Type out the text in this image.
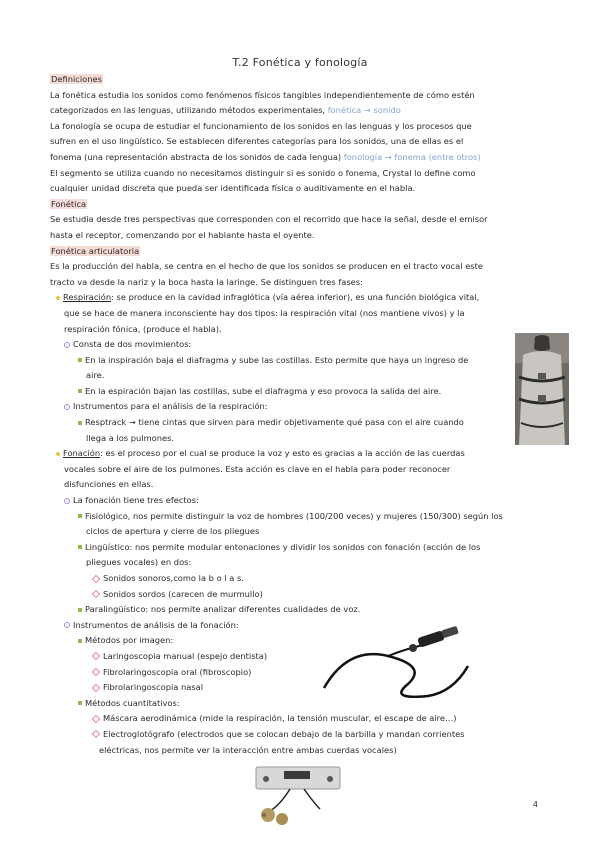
T.2 Fonética y fonología

Definiciones

La fonética estudia los sonidos como fenómenos físicos tangibles independientemente de cómo estén

categorizados en las lenguas, utilizando métodos experimentales, fonética → sonido

La fonología se ocupa de estudiar el funcionamiento de los sonidos en las lenguas y los procesos que

sufren en el uso lingüístico. Se establecen diferentes categorías para los sonidos, una de ellas es el

fonema (una representación abstracta de los sonidos de cada lengua) fonología → fonema (entre otros)

El segmento se utiliza cuando no necesitamos distinguir si es sonido o fonema, Crystal lo define como

cualquier unidad discreta que pueda ser identificada física o auditivamente en el habla.

Fonética

Se estudia desde tres perspectivas que corresponden con el recorrido que hace la señal, desde el emisor

hasta el receptor, comenzando por el hablante hasta el oyente.

Fonética articulatoria

Es la producción del habla, se centra en el hecho de que los sonidos se producen en el tracto vocal este

tracto va desde la nariz y la boca hasta la laringe. Se distinguen tres fases:

Respiración: se produce en la cavidad infraglótica (vía aérea inferior), es una función biológica vital,

que se hace de manera inconsciente hay dos tipos: la respiración vital (nos mantiene vivos) y la

respiración fónica, (produce el habla).

Consta de dos movimientos:

En la inspiración baja el diafragma y sube las costillas. Esto permite que haya un ingreso de

aire.

En la espiración bajan las costillas, sube el diafragma y eso provoca la salida del aire.

Instrumentos para el análisis de la respiración:

Resptrack → tiene cintas que sirven para medir objetivamente qué pasa con el aire cuando

llega a los pulmones.

Fonación: es el proceso por el cual se produce la voz y esto es gracias a la acción de las cuerdas

vocales sobre el aire de los pulmones. Esta acción es clave en el habla para poder reconocer

disfunciones en ellas.

La fonación tiene tres efectos:

Fisiológico, nos permite distinguir la voz de hombres (100/200 veces) y mujeres (150/300) según los

ciclos de apertura y cierre de los pliegues

Lingüístico: nos permite modular entonaciones y dividir los sonidos con fonación (acción de los

pliegues vocales) en dos:

Sonidos sonoros,como la b o l a s.

Sonidos sordos (carecen de murmullo)

Paralingüístico: nos permite analizar diferentes cualidades de voz.

Instrumentos de análisis de la fonación:

Métodos por imagen:

Laringoscopia manual (espejo dentista)

Fibrolaringoscopia oral (fibroscopio)

Fibrolaringoscopia nasal

Métodos cuantitativos:

Máscara aerodinámica (mide la respiración, la tensión muscular, el escape de aire…)

Electroglotógrafo (electrodos que se colocan debajo de la barbilla y mandan corrientes

eléctricas, nos permite ver la interacción entre ambas cuerdas vocales)

4
